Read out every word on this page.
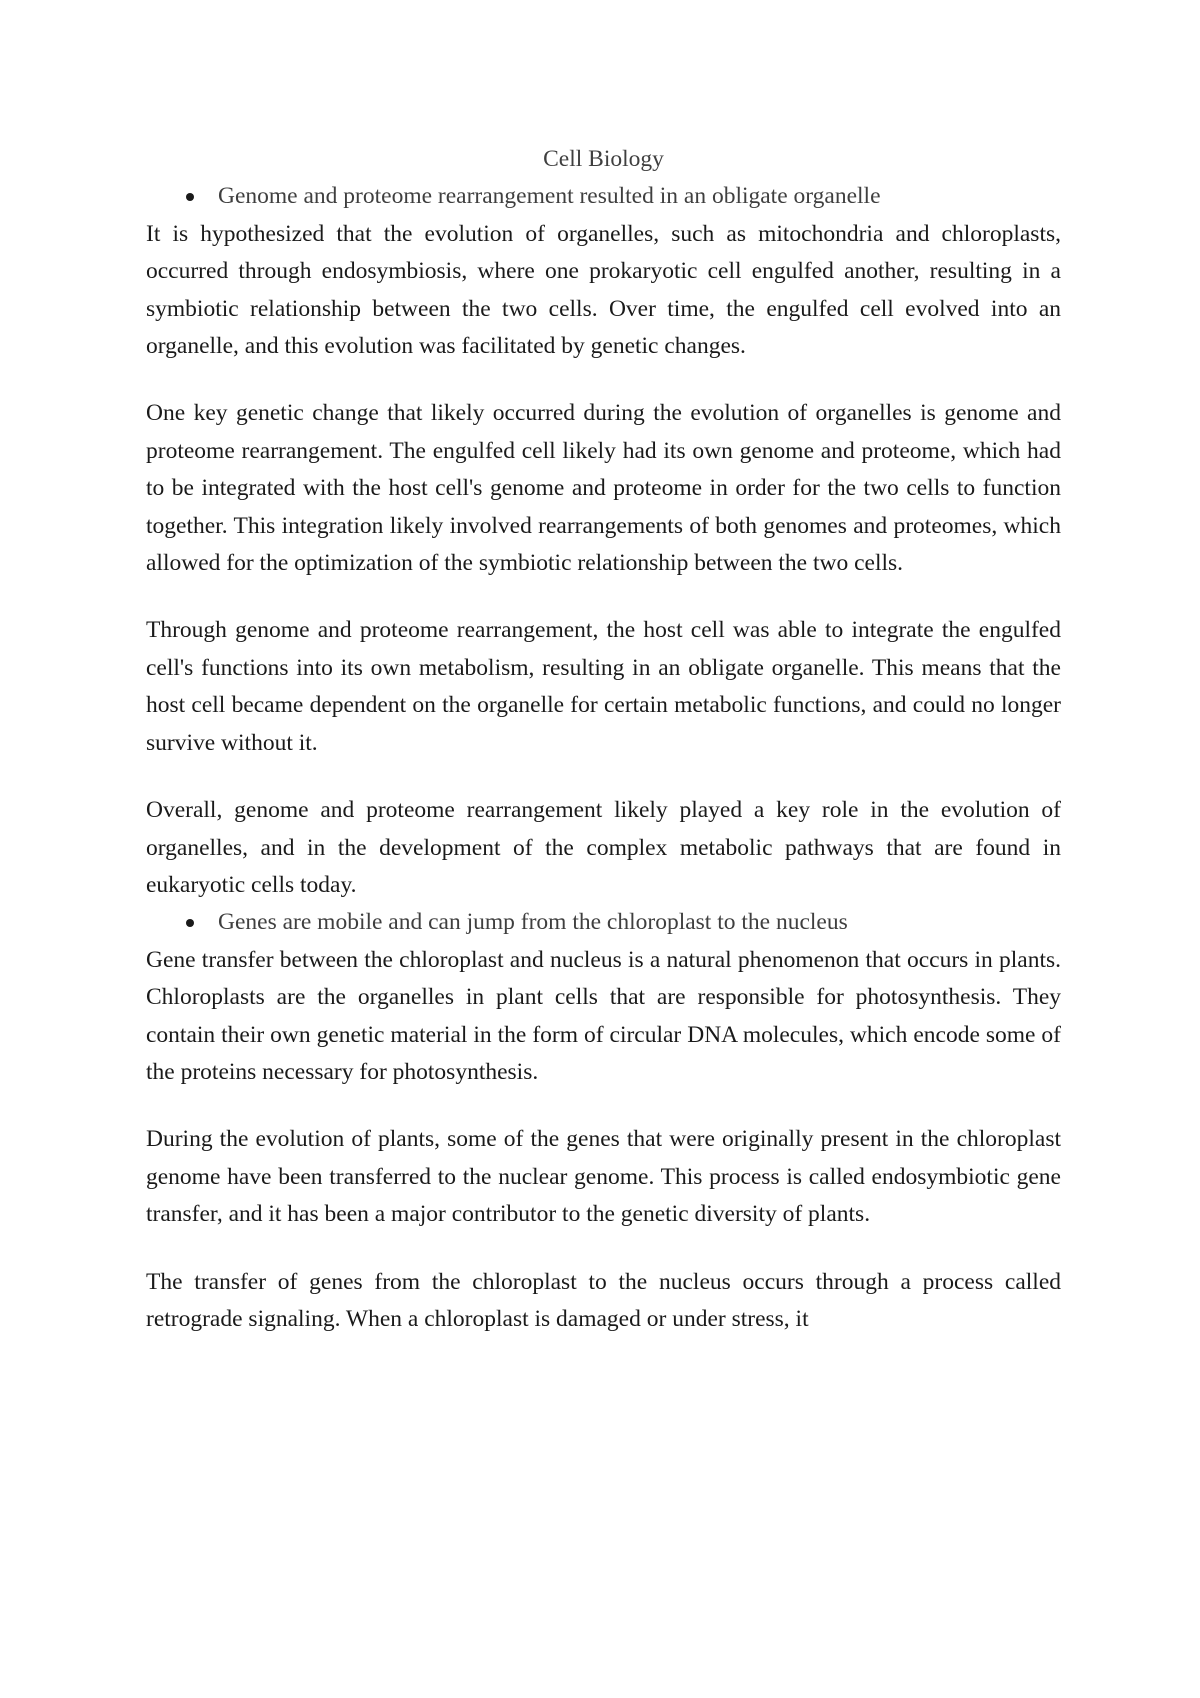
Cell Biology
Genome and proteome rearrangement resulted in an obligate organelle

It is hypothesized that the evolution of organelles, such as mitochondria and chloroplasts, occurred through endosymbiosis, where one prokaryotic cell engulfed another, resulting in a symbiotic relationship between the two cells. Over time, the engulfed cell evolved into an organelle, and this evolution was facilitated by genetic changes.

One key genetic change that likely occurred during the evolution of organelles is genome and proteome rearrangement. The engulfed cell likely had its own genome and proteome, which had to be integrated with the host cell's genome and proteome in order for the two cells to function together. This integration likely involved rearrangements of both genomes and proteomes, which allowed for the optimization of the symbiotic relationship between the two cells.

Through genome and proteome rearrangement, the host cell was able to integrate the engulfed cell's functions into its own metabolism, resulting in an obligate organelle. This means that the host cell became dependent on the organelle for certain metabolic functions, and could no longer survive without it.

Overall, genome and proteome rearrangement likely played a key role in the evolution of organelles, and in the development of the complex metabolic pathways that are found in eukaryotic cells today.

Genes are mobile and can jump from the chloroplast to the nucleus

Gene transfer between the chloroplast and nucleus is a natural phenomenon that occurs in plants. Chloroplasts are the organelles in plant cells that are responsible for photosynthesis. They contain their own genetic material in the form of circular DNA molecules, which encode some of the proteins necessary for photosynthesis.

During the evolution of plants, some of the genes that were originally present in the chloroplast genome have been transferred to the nuclear genome. This process is called endosymbiotic gene transfer, and it has been a major contributor to the genetic diversity of plants.

The transfer of genes from the chloroplast to the nucleus occurs through a process called retrograde signaling. When a chloroplast is damaged or under stress, it
